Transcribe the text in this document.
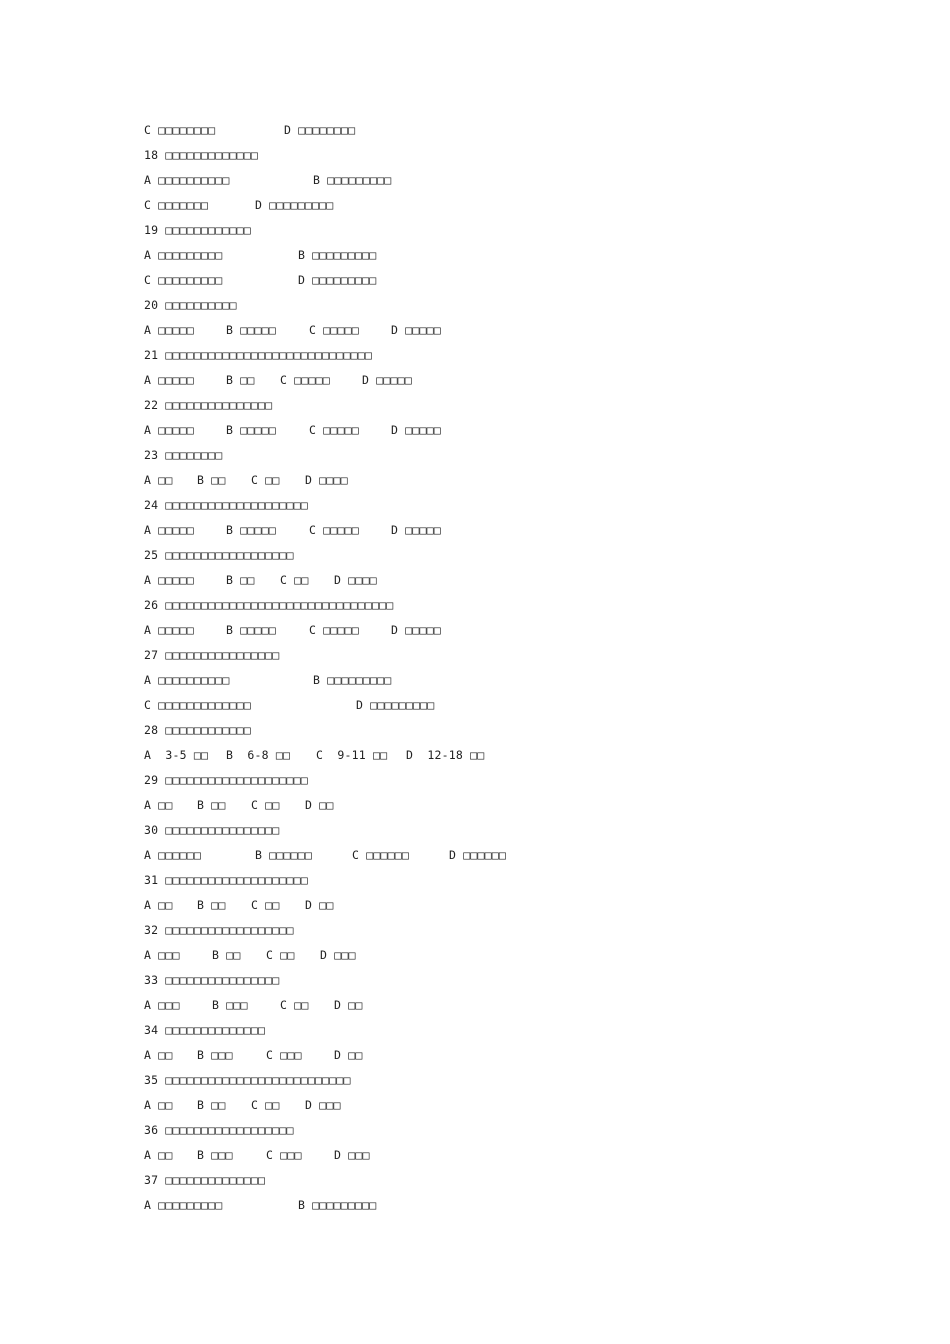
C □□□□□□□□	D □□□□□□□□
18 □□□□□□□□□□□□□
A □□□□□□□□□□	B □□□□□□□□□
C □□□□□□□	D □□□□□□□□□
19 □□□□□□□□□□□□
A □□□□□□□□□	B □□□□□□□□□
C □□□□□□□□□	D □□□□□□□□□
20 □□□□□□□□□□
A □□□□□	B □□□□□	C □□□□□	D □□□□□
21 □□□□□□□□□□□□□□□□□□□□□□□□□□□□□
A □□□□□	B □□ C □□□□□	D □□□□□
22 □□□□□□□□□□□□□□□
A □□□□□	B □□□□□	C □□□□□	D □□□□□
23 □□□□□□□□
A □□ B □□ C □□ D □□□□
24 □□□□□□□□□□□□□□□□□□□□
A □□□□□	B □□□□□	C □□□□□	D □□□□□
25 □□□□□□□□□□□□□□□□□□
A □□□□□	B □□ C □□ D □□□□
26 □□□□□□□□□□□□□□□□□□□□□□□□□□□□□□□□
A □□□□□	B □□□□□	C □□□□□	D □□□□□
27 □□□□□□□□□□□□□□□□
A □□□□□□□□□□	B □□□□□□□□□
C □□□□□□□□□□□□□	D □□□□□□□□□
28 □□□□□□□□□□□□
A  3-5 □□ B  6-8 □□ C  9-11 □□ D  12-18 □□
29 □□□□□□□□□□□□□□□□□□□□
A □□ B □□ C □□ D □□
30 □□□□□□□□□□□□□□□□
A □□□□□□	B □□□□□□	C □□□□□□	D □□□□□□
31 □□□□□□□□□□□□□□□□□□□□
A □□ B □□ C □□ D □□
32 □□□□□□□□□□□□□□□□□□
A □□□	B □□ C □□ D □□□
33 □□□□□□□□□□□□□□□□
A □□□	B □□□	C □□ D □□
34 □□□□□□□□□□□□□□
A □□ B □□□	C □□□	D □□
35 □□□□□□□□□□□□□□□□□□□□□□□□□□
A □□ B □□ C □□ D □□□
36 □□□□□□□□□□□□□□□□□□
A □□ B □□□	C □□□	D □□□
37 □□□□□□□□□□□□□□
A □□□□□□□□□	B □□□□□□□□□
